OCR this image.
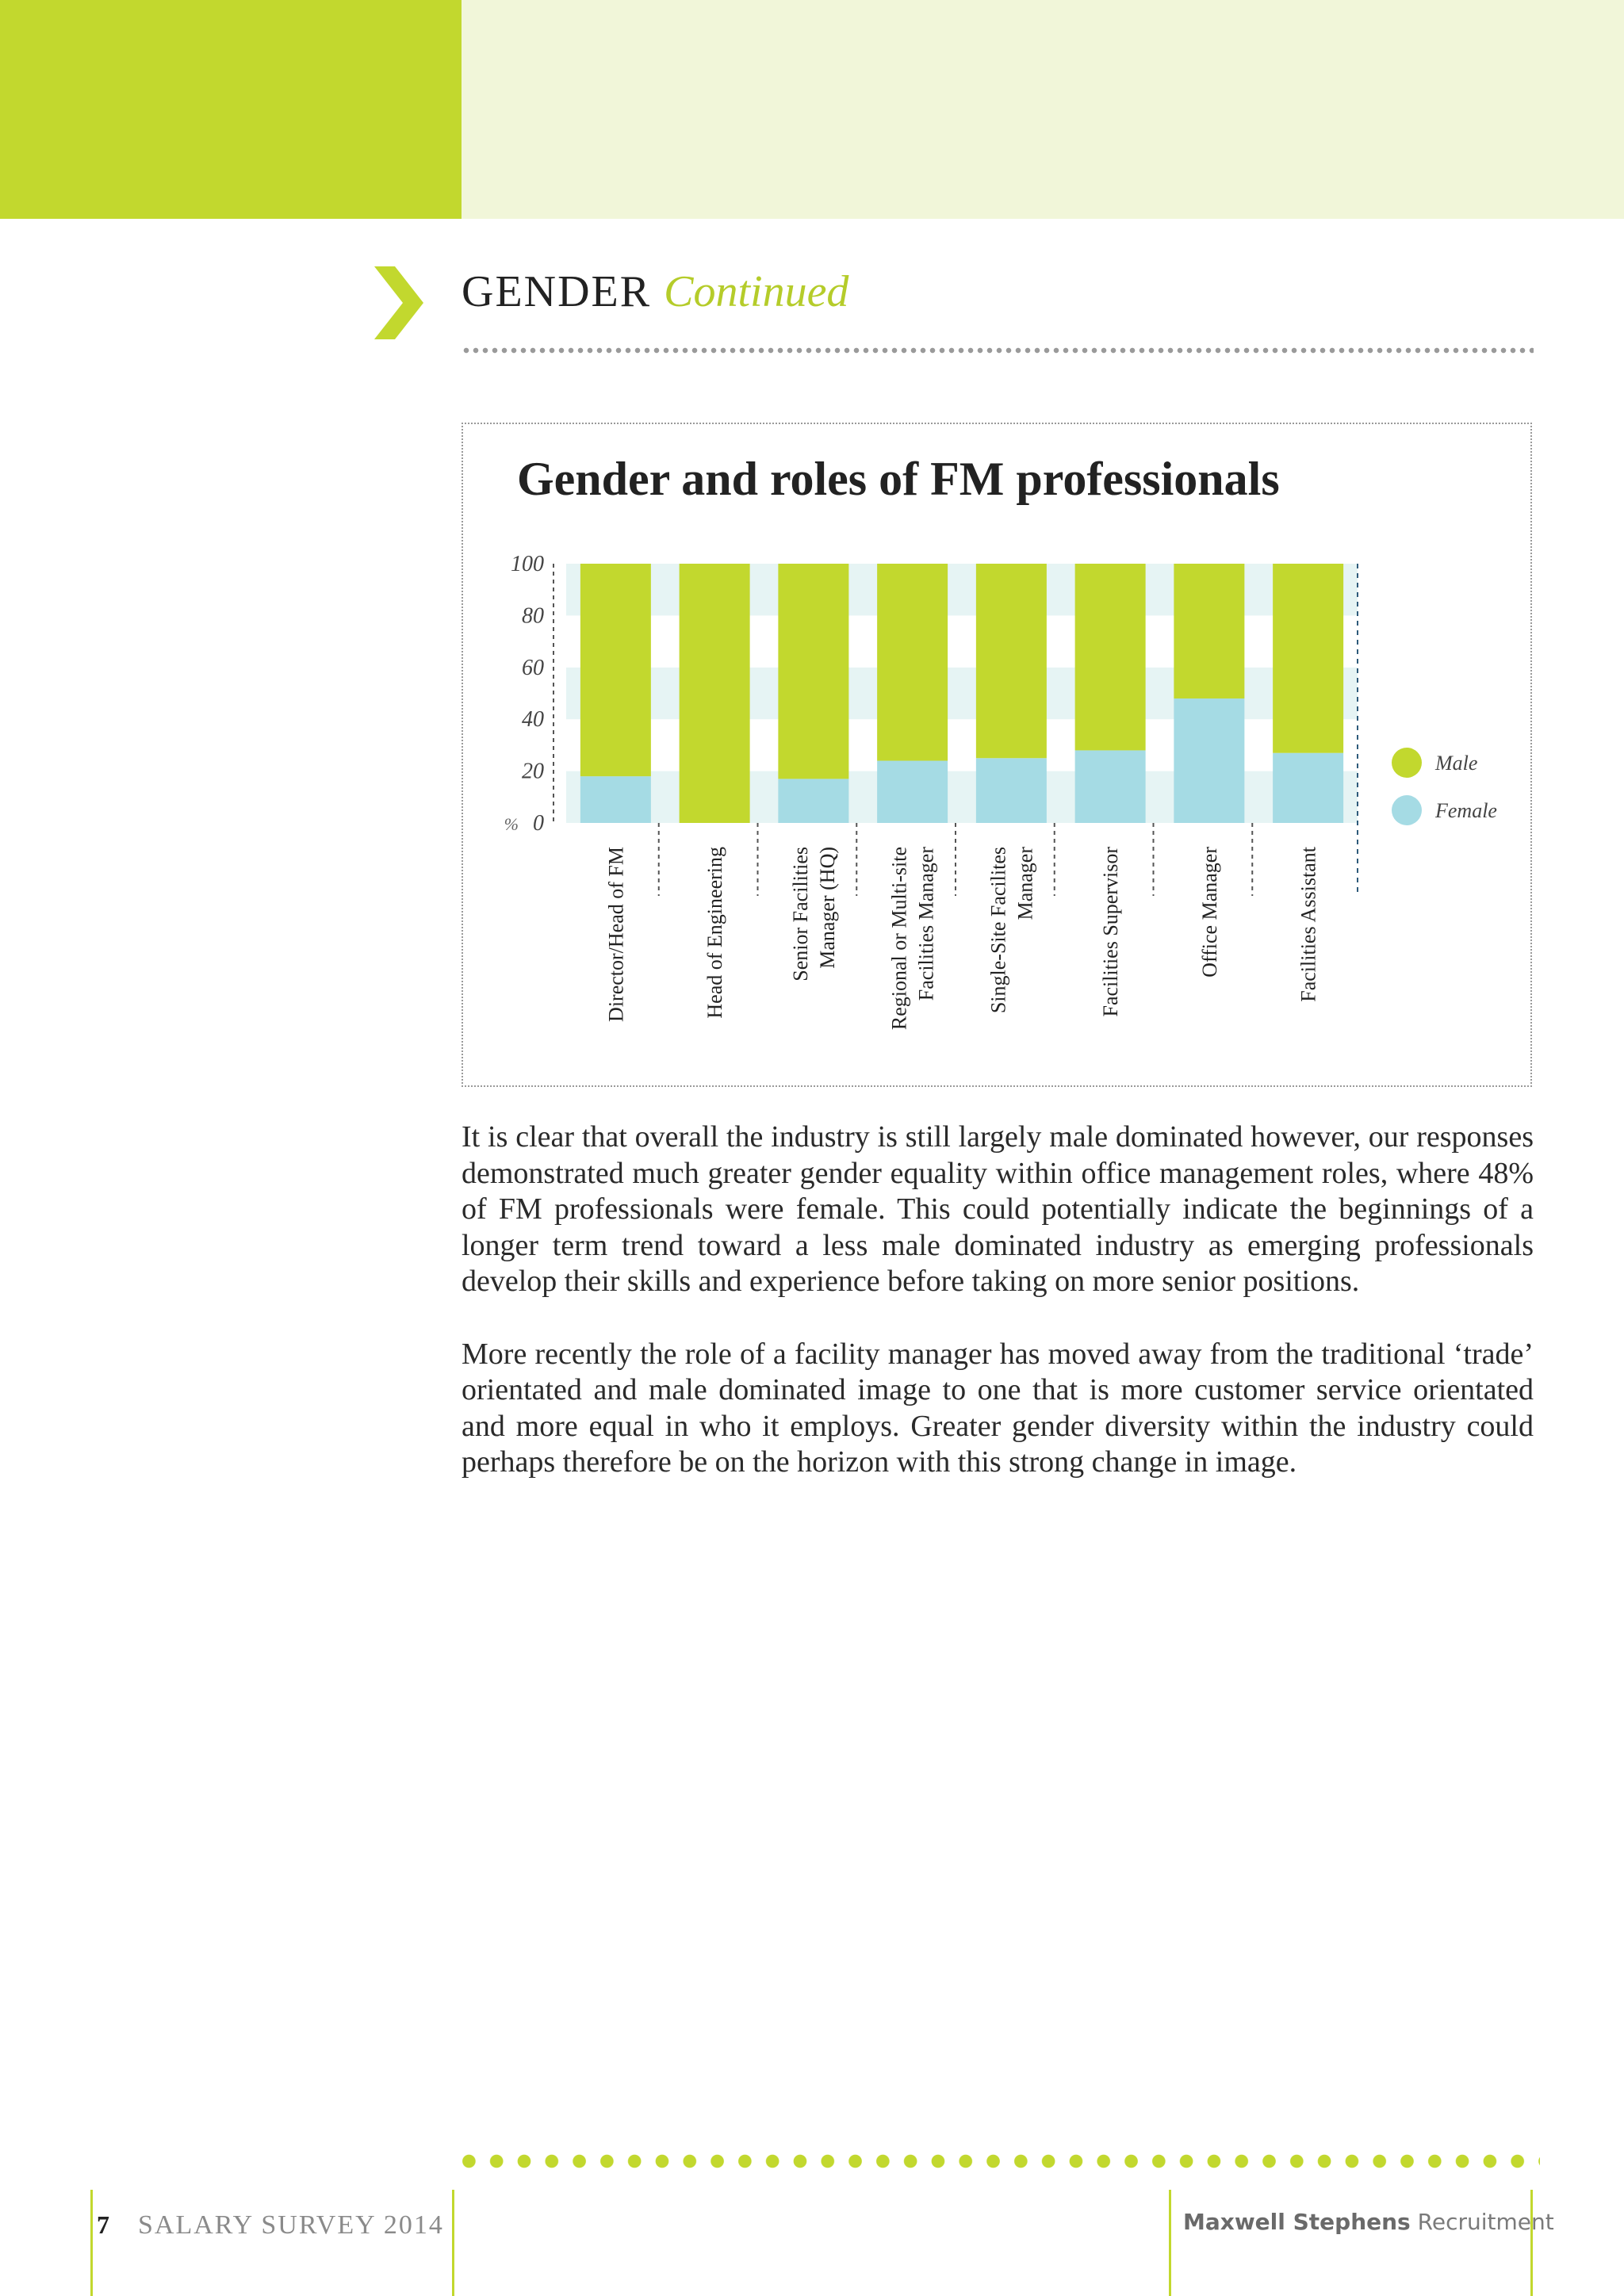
GENDER Continued
Gender and roles of FM professionals
100
80
60
40
20
0
%
Director/Head of FM	Head of Engineering	Senior Facilities Manager (HQ) Regional or Multi-site Facilities Manager Single-Site Facilites Manager	Facilities Supervisor	Office Manager	Facilities Assistant
Male
Female

It is clear that overall the industry is still largely male dominated however, our responses demonstrated much greater gender equality within office management roles, where 48% of FM professionals were female. This could potentially indicate the beginnings of a longer term trend toward a less male dominated industry as emerging professionals develop their skills and experience before taking on more senior positions.

More recently the role of a facility manager has moved away from the traditional ‘trade’ orientated and male dominated image to one that is more customer service orientated and more equal in who it employs. Greater gender diversity within the industry could perhaps therefore be on the horizon with this strong change in image.

7 SALARY SURVEY 2014	Maxwell Stephens Recruitment
